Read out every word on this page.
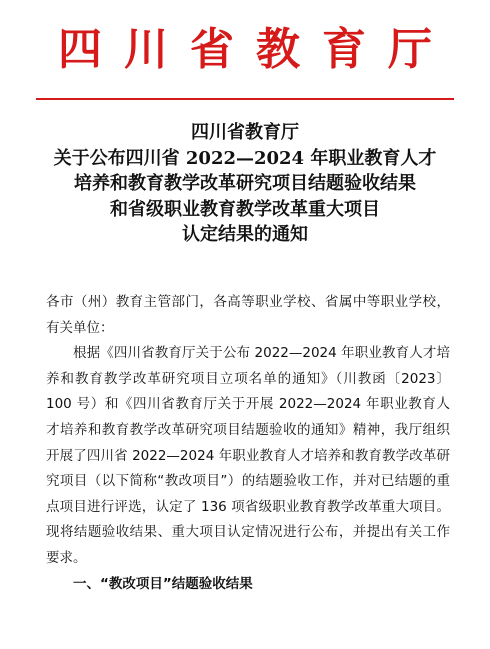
四川省教育厅
四川省教育厅
关于公布四川省 2022—2024 年职业教育人才
培养和教育教学改革研究项目结题验收结果
和省级职业教育教学改革重大项目
认定结果的通知

各市（州）教育主管部门，各高等职业学校、省属中等职业学校，有关单位：

根据《四川省教育厅关于公布 2022—2024 年职业教育人才培养和教育教学改革研究项目立项名单的通知》（川教函〔2023〕100 号）和《四川省教育厅关于开展 2022—2024 年职业教育人才培养和教育教学改革研究项目结题验收的通知》精神，我厅组织开展了四川省 2022—2024 年职业教育人才培养和教育教学改革研究项目（以下简称“教改项目”）的结题验收工作，并对已结题的重点项目进行评选，认定了 136 项省级职业教育教学改革重大项目。现将结题验收结果、重大项目认定情况进行公布，并提出有关工作要求。

一、“教改项目”结题验收结果
